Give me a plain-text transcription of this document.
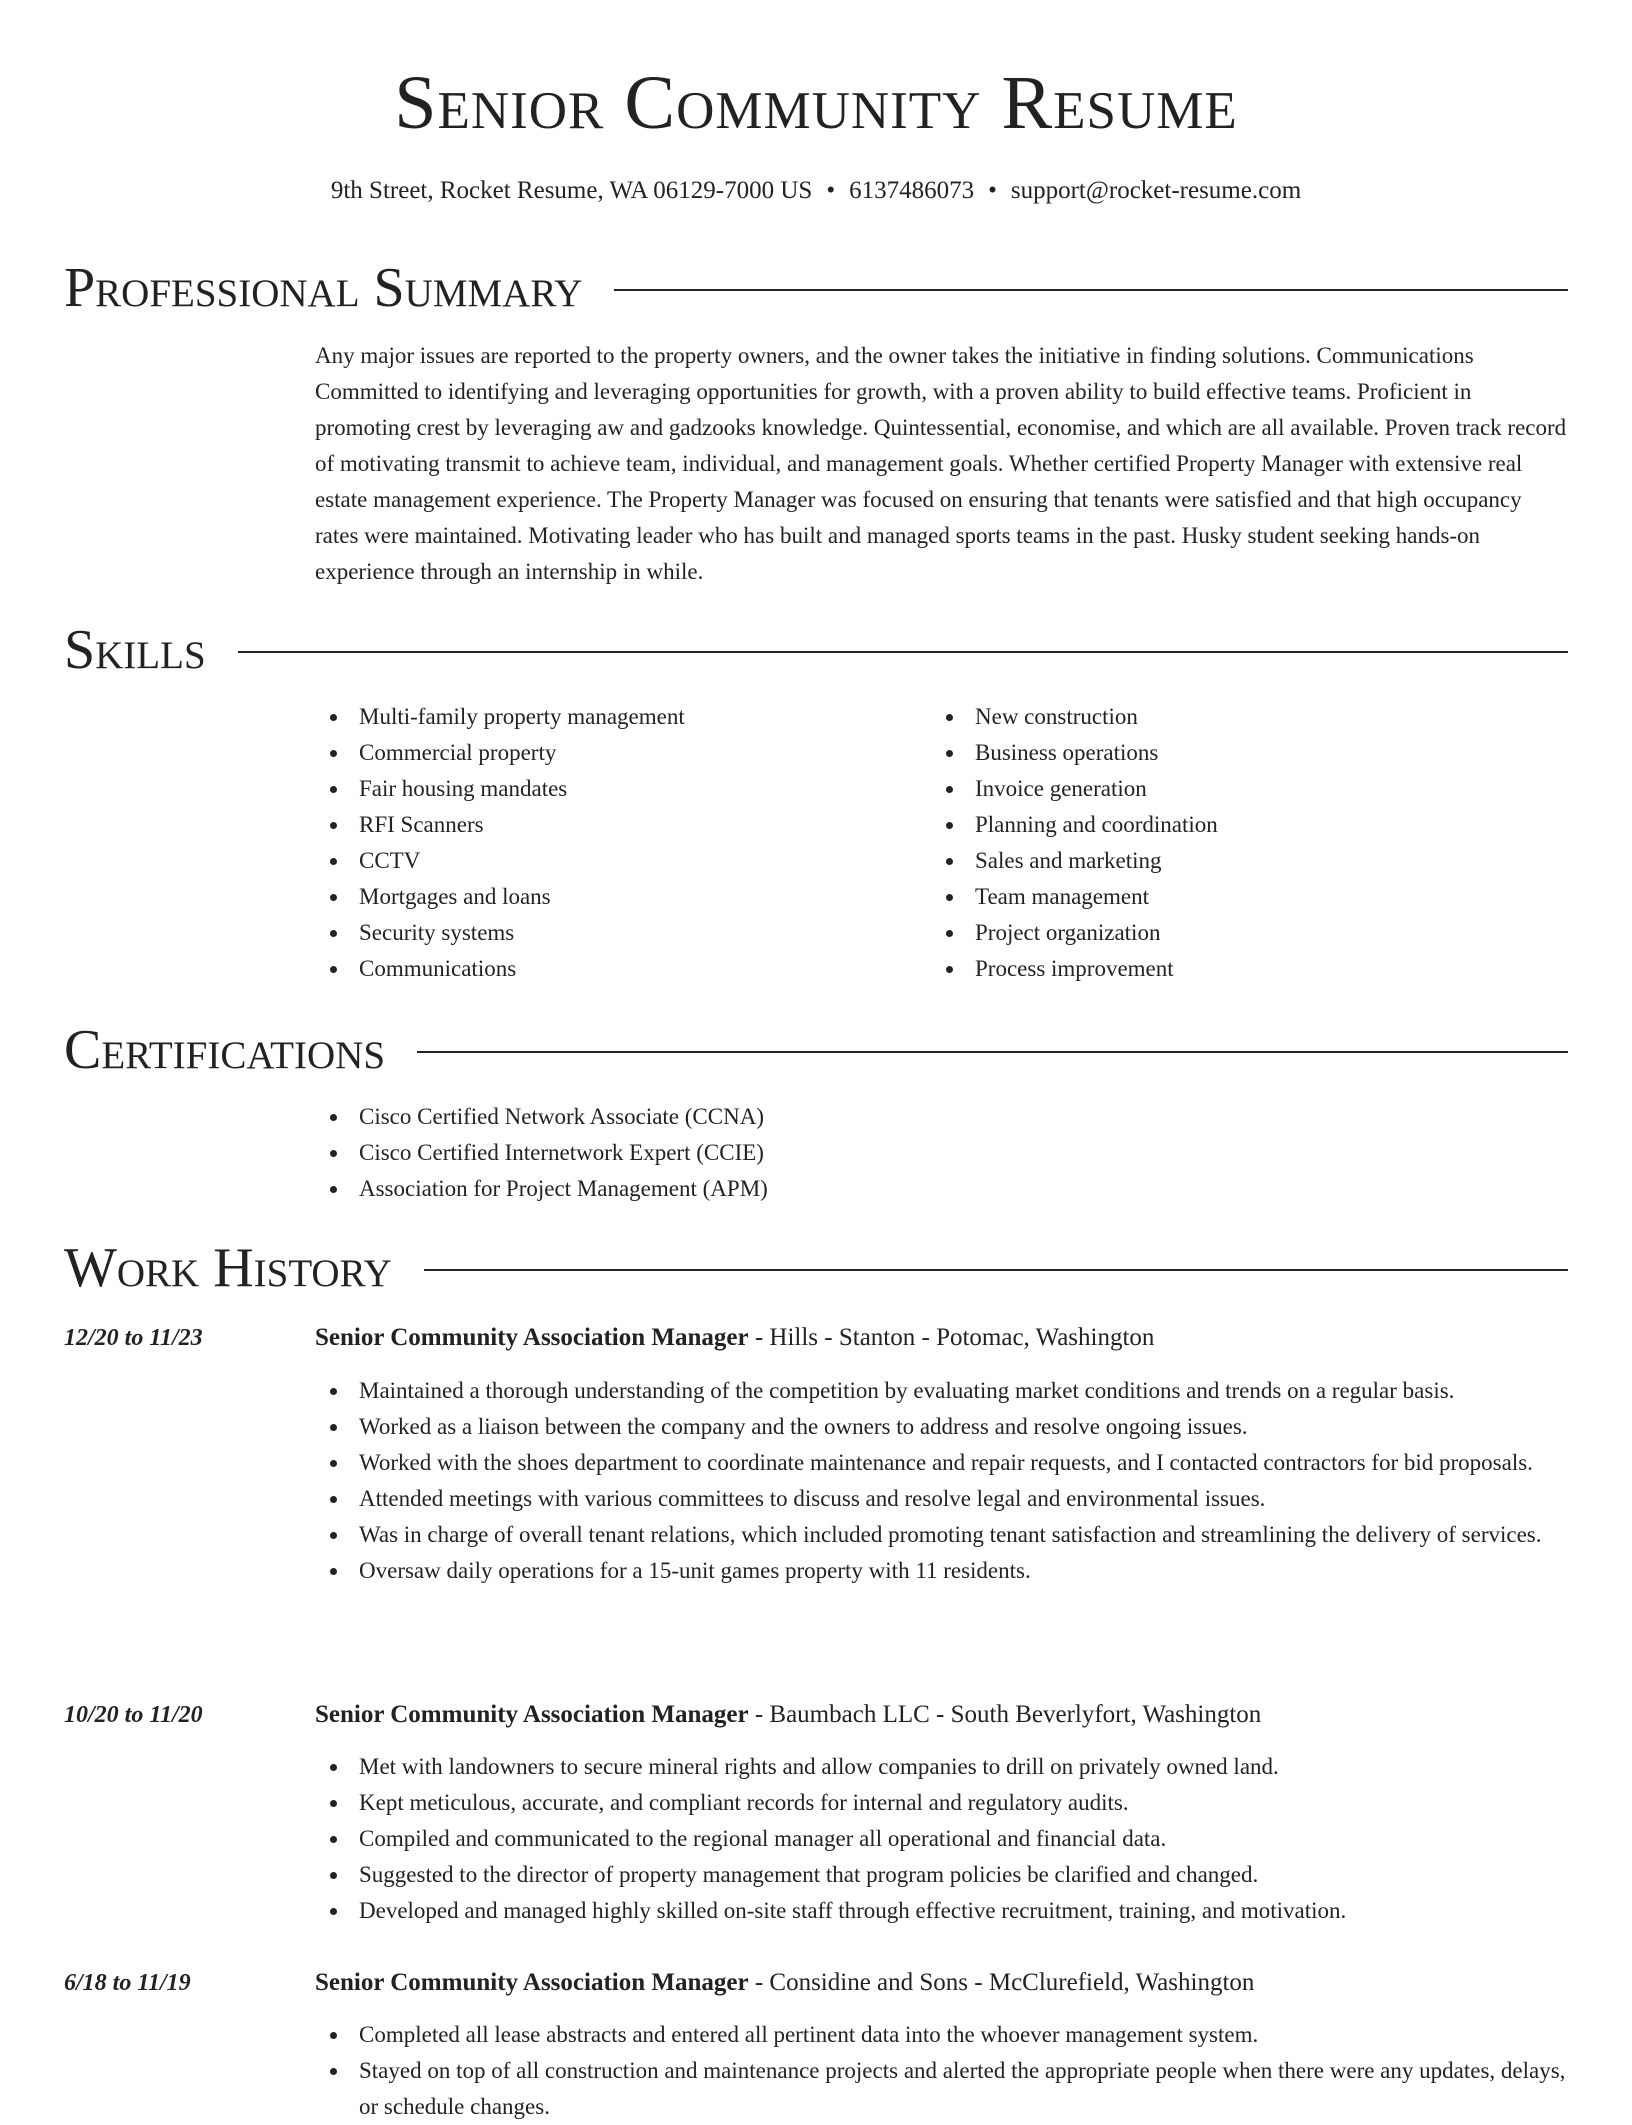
Senior Community Resume
9th Street, Rocket Resume, WA 06129-7000 US • 6137486073 • support@rocket-resume.com
Professional Summary
Any major issues are reported to the property owners, and the owner takes the initiative in finding solutions. Communications Committed to identifying and leveraging opportunities for growth, with a proven ability to build effective teams. Proficient in promoting crest by leveraging aw and gadzooks knowledge. Quintessential, economise, and which are all available. Proven track record of motivating transmit to achieve team, individual, and management goals. Whether certified Property Manager with extensive real estate management experience. The Property Manager was focused on ensuring that tenants were satisfied and that high occupancy rates were maintained. Motivating leader who has built and managed sports teams in the past. Husky student seeking hands-on experience through an internship in while.
Skills
Multi-family property management
Commercial property
Fair housing mandates
RFI Scanners
CCTV
Mortgages and loans
Security systems
Communications
New construction
Business operations
Invoice generation
Planning and coordination
Sales and marketing
Team management
Project organization
Process improvement
Certifications
Cisco Certified Network Associate (CCNA)
Cisco Certified Internetwork Expert (CCIE)
Association for Project Management (APM)
Work History
12/20 to 11/23	Senior Community Association Manager - Hills - Stanton - Potomac, Washington
Maintained a thorough understanding of the competition by evaluating market conditions and trends on a regular basis.
Worked as a liaison between the company and the owners to address and resolve ongoing issues.
Worked with the shoes department to coordinate maintenance and repair requests, and I contacted contractors for bid proposals.
Attended meetings with various committees to discuss and resolve legal and environmental issues.
Was in charge of overall tenant relations, which included promoting tenant satisfaction and streamlining the delivery of services.
Oversaw daily operations for a 15-unit games property with 11 residents.
10/20 to 11/20	Senior Community Association Manager - Baumbach LLC - South Beverlyfort, Washington
Met with landowners to secure mineral rights and allow companies to drill on privately owned land.
Kept meticulous, accurate, and compliant records for internal and regulatory audits.
Compiled and communicated to the regional manager all operational and financial data.
Suggested to the director of property management that program policies be clarified and changed.
Developed and managed highly skilled on-site staff through effective recruitment, training, and motivation.
6/18 to 11/19	Senior Community Association Manager - Considine and Sons - McClurefield, Washington
Completed all lease abstracts and entered all pertinent data into the whoever management system.
Stayed on top of all construction and maintenance projects and alerted the appropriate people when there were any updates, delays, or schedule changes.
